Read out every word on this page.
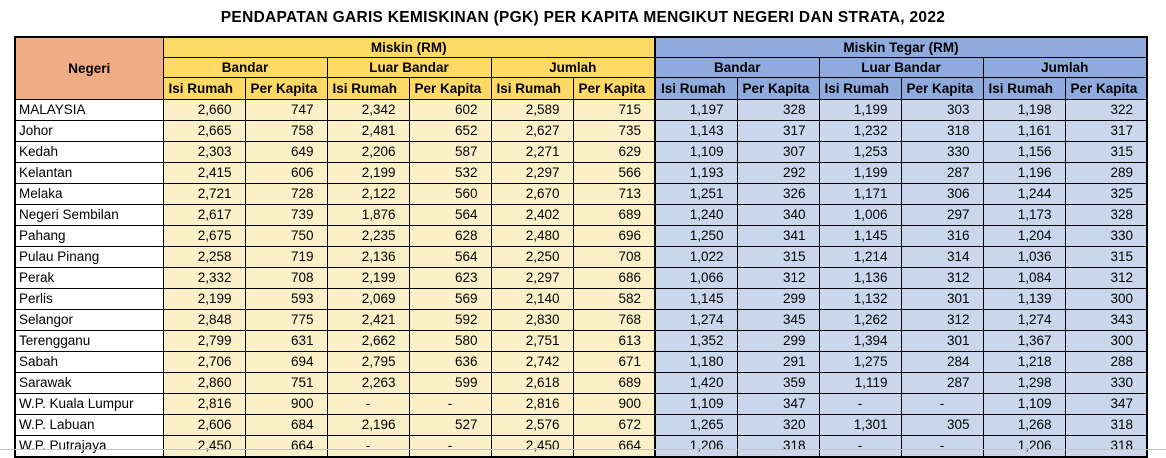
PENDAPATAN GARIS KEMISKINAN (PGK) PER KAPITA MENGIKUT NEGERI DAN STRATA, 2022
Negeri	Miskin (RM)						Miskin Tegar (RM)					
	Bandar		Luar Bandar		Jumlah		Bandar		Luar Bandar		Jumlah	
	Isi Rumah	Per Kapita	Isi Rumah	Per Kapita	Isi Rumah	Per Kapita	Isi Rumah	Per Kapita	Isi Rumah	Per Kapita	Isi Rumah	Per Kapita
MALAYSIA	2,660	747	2,342	602	2,589	715	1,197	328	1,199	303	1,198	322
Johor	2,665	758	2,481	652	2,627	735	1,143	317	1,232	318	1,161	317
Kedah	2,303	649	2,206	587	2,271	629	1,109	307	1,253	330	1,156	315
Kelantan	2,415	606	2,199	532	2,297	566	1,193	292	1,199	287	1,196	289
Melaka	2,721	728	2,122	560	2,670	713	1,251	326	1,171	306	1,244	325
Negeri Sembilan	2,617	739	1,876	564	2,402	689	1,240	340	1,006	297	1,173	328
Pahang	2,675	750	2,235	628	2,480	696	1,250	341	1,145	316	1,204	330
Pulau Pinang	2,258	719	2,136	564	2,250	708	1,022	315	1,214	314	1,036	315
Perak	2,332	708	2,199	623	2,297	686	1,066	312	1,136	312	1,084	312
Perlis	2,199	593	2,069	569	2,140	582	1,145	299	1,132	301	1,139	300
Selangor	2,848	775	2,421	592	2,830	768	1,274	345	1,262	312	1,274	343
Terengganu	2,799	631	2,662	580	2,751	613	1,352	299	1,394	301	1,367	300
Sabah	2,706	694	2,795	636	2,742	671	1,180	291	1,275	284	1,218	288
Sarawak	2,860	751	2,263	599	2,618	689	1,420	359	1,119	287	1,298	330
W.P. Kuala Lumpur	2,816	900	-	-	2,816	900	1,109	347	-	-	1,109	347
W.P. Labuan	2,606	684	2,196	527	2,576	672	1,265	320	1,301	305	1,268	318
W.P. Putrajaya	2,450	664	-	-	2,450	664	1,206	318	-	-	1,206	318
